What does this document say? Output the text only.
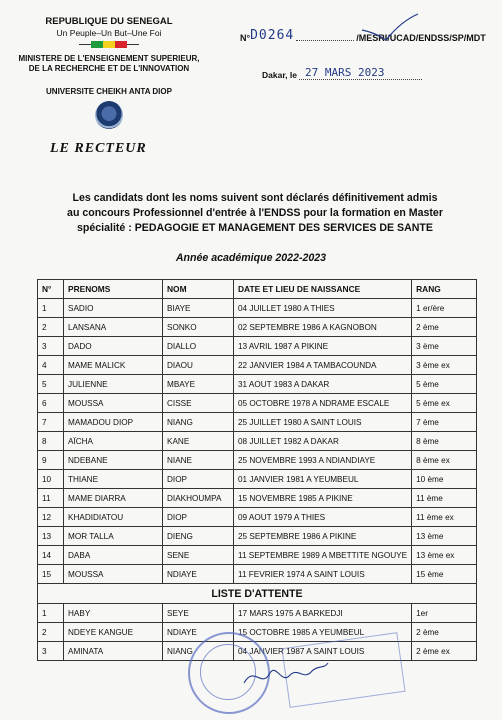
REPUBLIQUE DU SENEGAL
Un Peuple–Un But–Une Foi
MINISTERE DE L'ENSEIGNEMENT SUPERIEUR,
DE LA RECHERCHE ET DE L'INNOVATION
UNIVERSITE CHEIKH ANTA DIOP
LE RECTEUR
N° D0264	/MESRI/UCAD/ENDSS/SP/MDT
Dakar, le 27 MARS 2023
Les candidats dont les noms suivent sont déclarés définitivement admis
au concours Professionnel d'entrée à l'ENDSS pour la formation en Master
spécialité : PEDAGOGIE ET MANAGEMENT DES SERVICES DE SANTE
Année académique 2022-2023
N°	PRENOMS	NOM	DATE ET LIEU DE NAISSANCE	RANG
1	SADIO	BIAYE	04 JUILLET 1980 A THIES	1 er/ère
2	LANSANA	SONKO	02 SEPTEMBRE 1986 A KAGNOBON	2 ème
3	DADO	DIALLO	13 AVRIL 1987 A PIKINE	3 ème
4	MAME MALICK	DIAOU	22 JANVIER 1984 A TAMBACOUNDA	3 ème ex
5	JULIENNE	MBAYE	31 AOUT 1983 A DAKAR	5 ème
6	MOUSSA	CISSE	05 OCTOBRE 1978 A NDRAME ESCALE	5 ème ex
7	MAMADOU DIOP	NIANG	25 JUILLET 1980 A SAINT LOUIS	7 ème
8	AÏCHA	KANE	08 JUILLET 1982 A DAKAR	8 ème
9	NDEBANE	NIANE	25 NOVEMBRE 1993 A NDIANDIAYE	8 ème ex
10	THIANE	DIOP	01 JANVIER 1981 A YEUMBEUL	10 ème
11	MAME DIARRA	DIAKHOUMPA	15 NOVEMBRE 1985 A PIKINE	11 ème
12	KHADIDIATOU	DIOP	09 AOUT 1979 A THIES	11 ème ex
13	MOR TALLA	DIENG	25 SEPTEMBRE 1986 A PIKINE	13 ème
14	DABA	SENE	11 SEPTEMBRE 1989 A MBETTITE NGOUYE	13 ème ex
15	MOUSSA	NDIAYE	11 FEVRIER 1974 A SAINT LOUIS	15 ème
LISTE D'ATTENTE				
1	HABY	SEYE	17 MARS 1975 A BARKEDJI	1er
2	NDEYE KANGUE	NDIAYE	15 OCTOBRE 1985 A YEUMBEUL	2 ème
3	AMINATA	NIANG	04 JANVIER 1987 A SAINT LOUIS	2 ème ex
